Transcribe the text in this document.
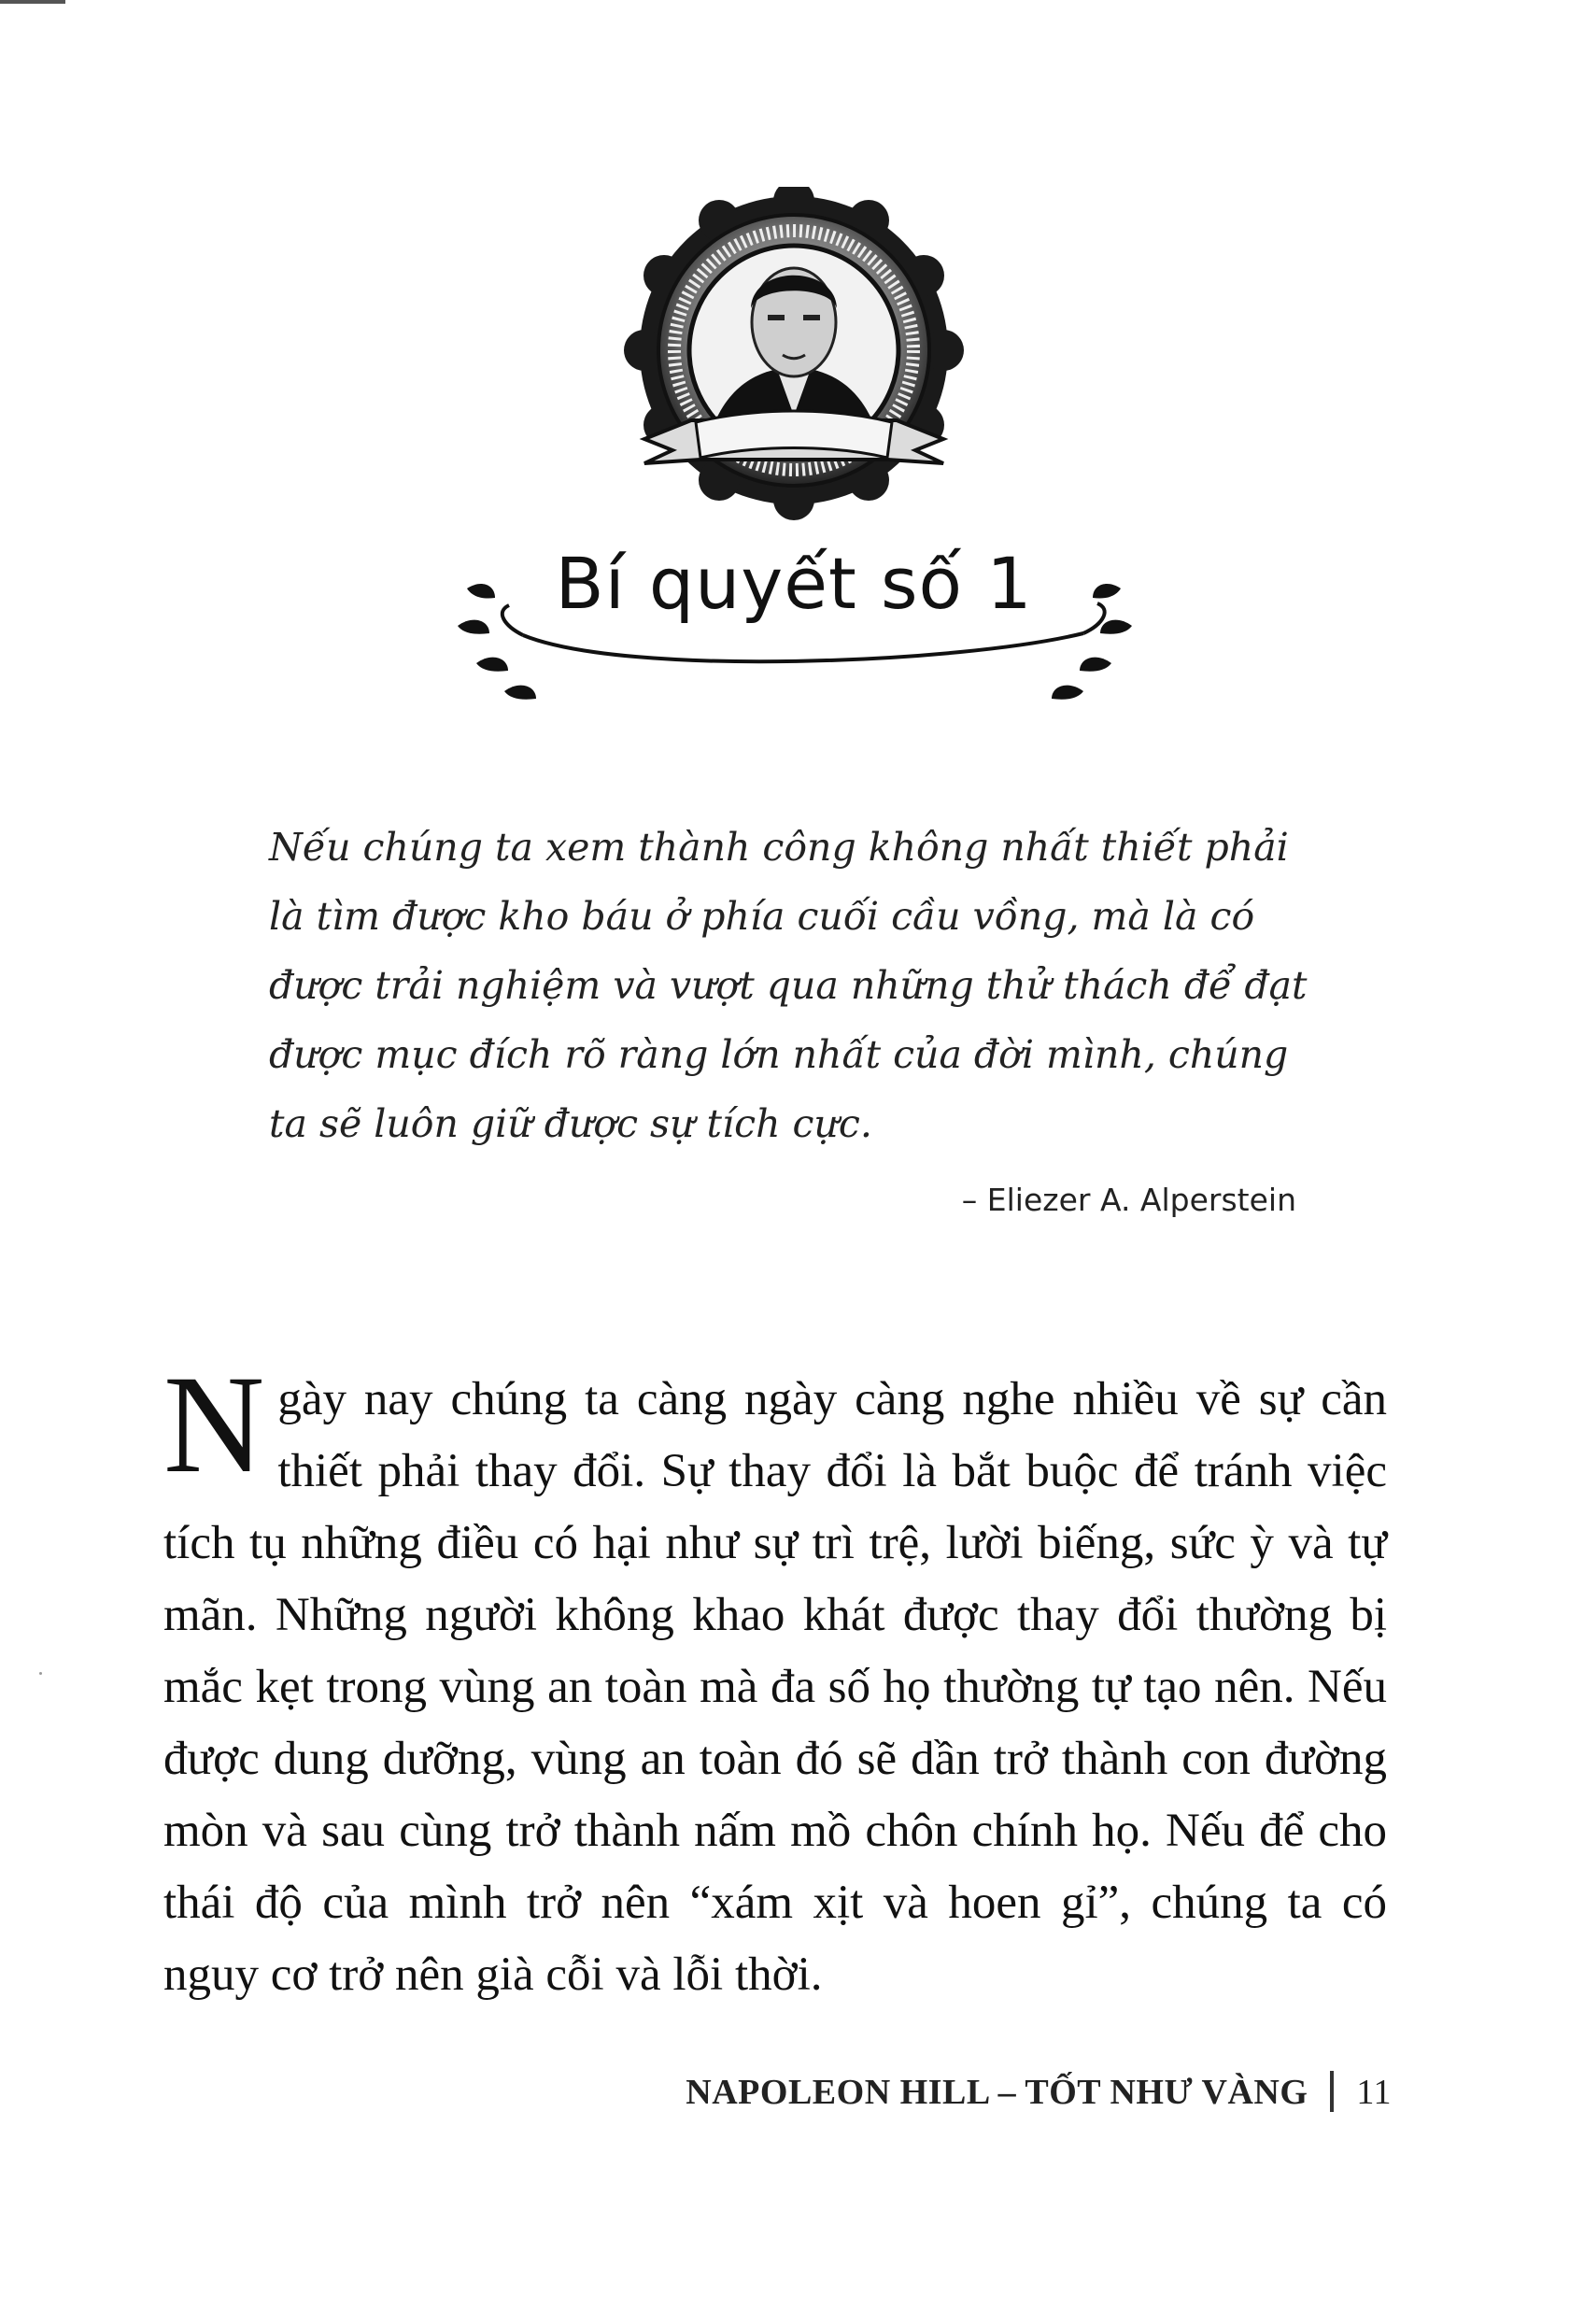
Bí quyết số 1
Nếu chúng ta xem thành công không nhất thiết phải là tìm được kho báu ở phía cuối cầu vồng, mà là có được trải nghiệm và vượt qua những thử thách để đạt được mục đích rõ ràng lớn nhất của đời mình, chúng ta sẽ luôn giữ được sự tích cực.
– Eliezer A. Alperstein
N gày nay chúng ta càng ngày càng nghe nhiều về sự cần thiết phải thay đổi. Sự thay đổi là bắt buộc để tránh việc tích tụ những điều có hại như sự trì trệ, lười biếng, sức ỳ và tự mãn. Những người không khao khát được thay đổi thường bị mắc kẹt trong vùng an toàn mà đa số họ thường tự tạo nên. Nếu được dung dưỡng, vùng an toàn đó sẽ dần trở thành con đường mòn và sau cùng trở thành nấm mồ chôn chính họ. Nếu để cho thái độ của mình trở nên “xám xịt và hoen gỉ”, chúng ta có nguy cơ trở nên già cỗi và lỗi thời.
NAPOLEON HILL – TỐT NHƯ VÀNG 11
